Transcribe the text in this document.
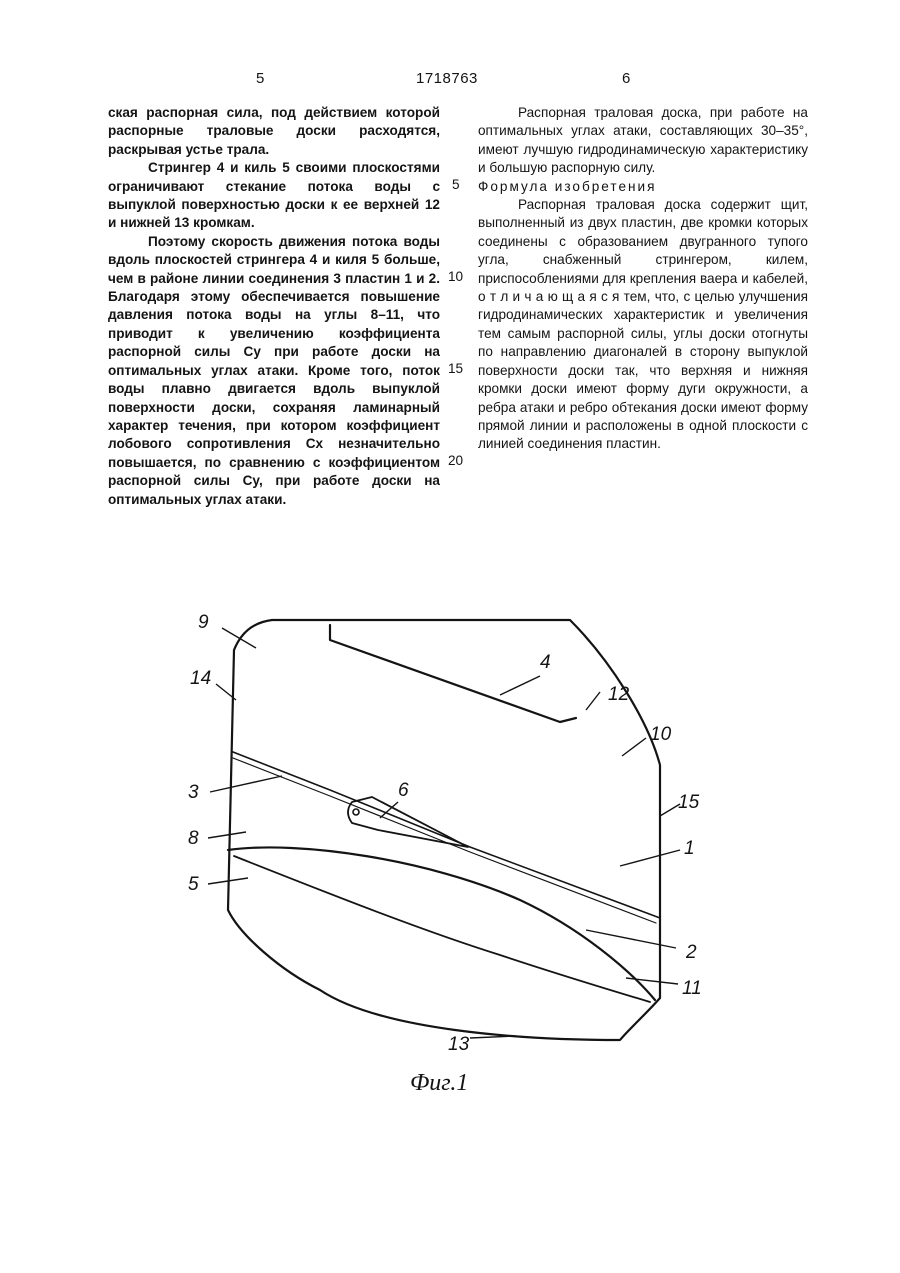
5	1718763	6

ская распорная сила, под действием которой распорные траловые доски расходятся, раскрывая устье трала.

Стрингер 4 и киль 5 своими плоскостями ограничивают стекание потока воды с выпуклой поверхностью доски к ее верхней 12 и нижней 13 кромкам.

Поэтому скорость движения потока воды вдоль плоскостей стрингера 4 и киля 5 больше, чем в районе линии соединения 3 пластин 1 и 2. Благодаря этому обеспечивается повышение давления потока воды на углы 8–11, что приводит к увеличению коэффициента распорной силы Cy при работе доски на оптимальных углах атаки. Кроме того, поток воды плавно двигается вдоль выпуклой поверхности доски, сохраняя ламинарный характер течения, при котором коэффициент лобового сопротивления Cx незначительно повышается, по сравнению с коэффициентом распорной силы Cy, при работе доски на оптимальных углах атаки.

5
10
15
20

Распорная траловая доска, при работе на оптимальных углах атаки, составляющих 30–35°, имеют лучшую гидродинамическую характеристику и большую распорную силу.

Формула изобретения

Распорная траловая доска содержит щит, выполненный из двух пластин, две кромки которых соединены с образованием двугранного тупого угла, снабженный стрингером, килем, приспособлениями для крепления ваера и кабелей, о т л и ч а ю щ а я с я тем, что, с целью улучшения гидродинамических характеристик и увеличения тем самым распорной силы, углы доски отогнуты по направлению диагоналей в сторону выпуклой поверхности доски так, что верхняя и нижняя кромки доски имеют форму дуги окружности, а ребра атаки и ребро обтекания доски имеют форму прямой линии и расположены в одной плоскости с линией соединения пластин.

9
14
4
12
10
15
3	6
8	1
5
2
11
13
Фиг.1
